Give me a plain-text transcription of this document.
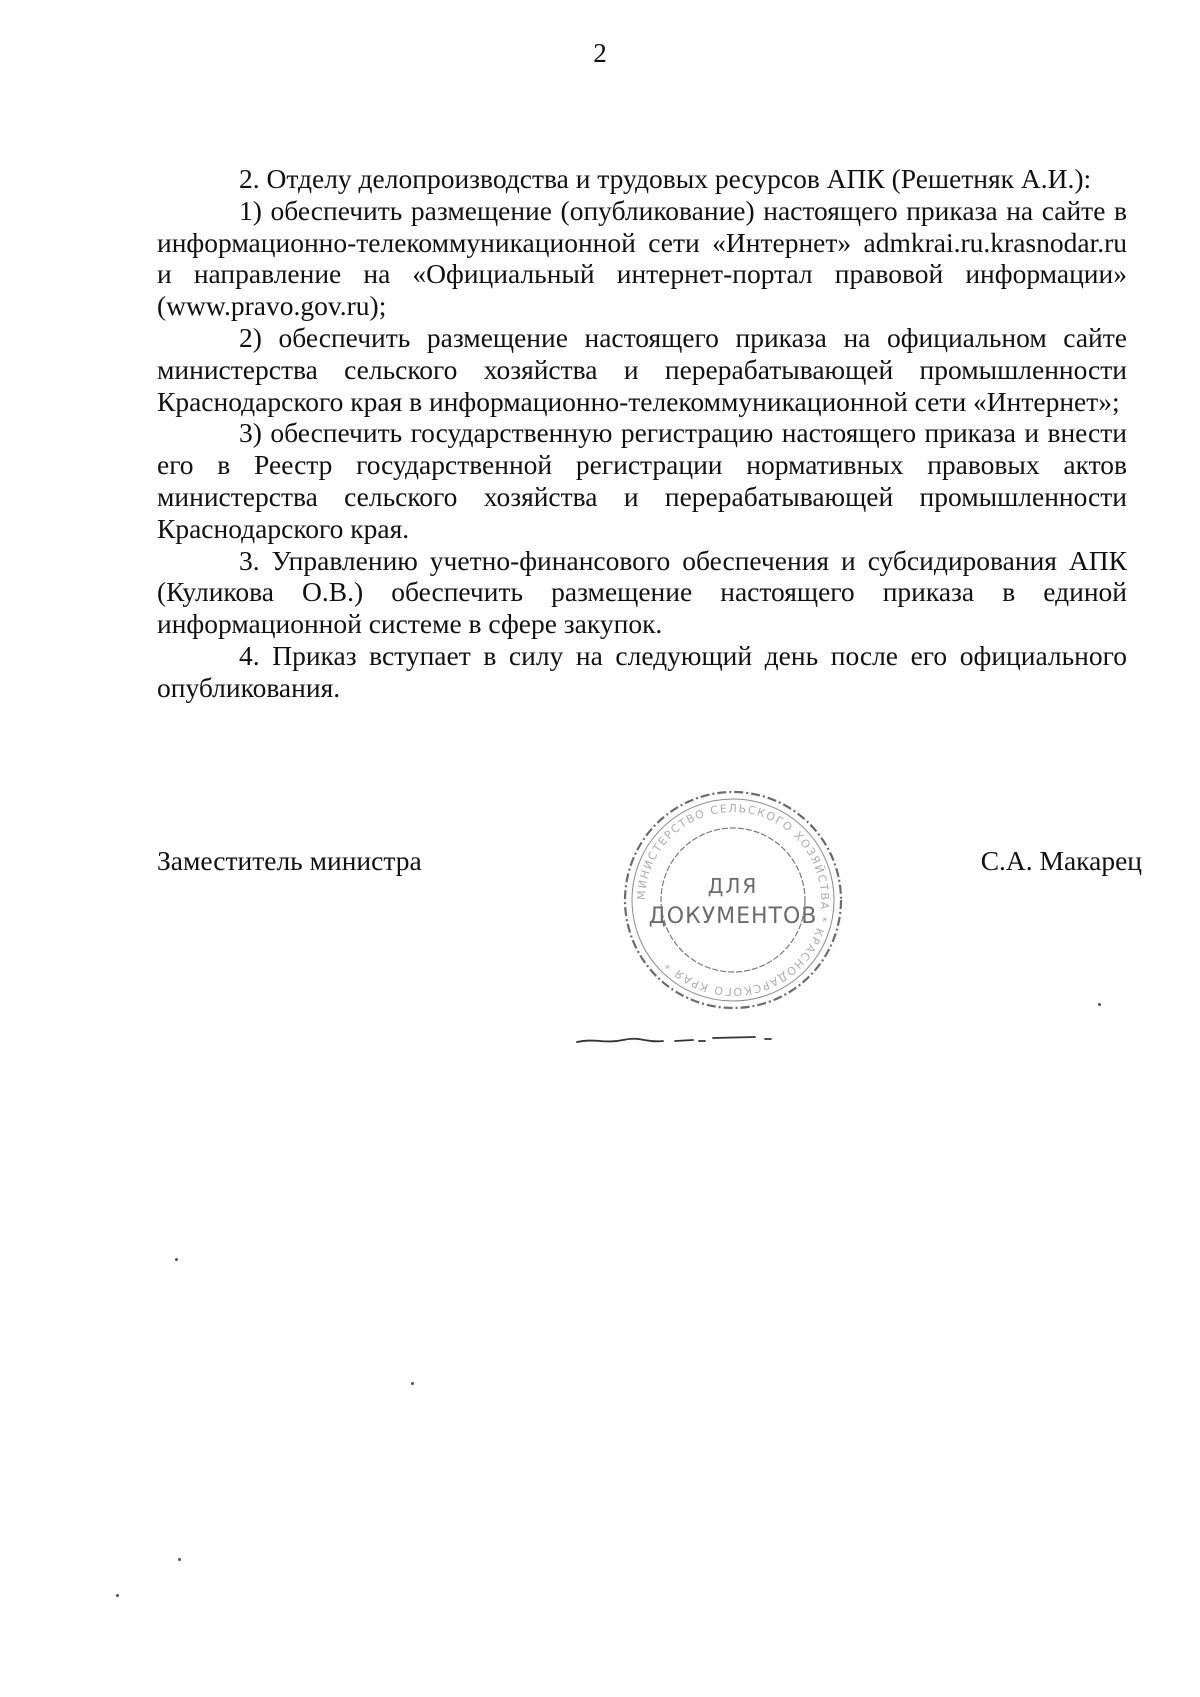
2

2. Отделу делопроизводства и трудовых ресурсов АПК (Решетняк А.И.):

1) обеспечить размещение (опубликование) настоящего приказа на сайте в информационно-телекоммуникационной сети «Интернет» admkrai.ru.krasnodar.ru и направление на «Официальный интернет-портал правовой информации» (www.pravo.gov.ru);

2) обеспечить размещение настоящего приказа на официальном сайте министерства сельского хозяйства и перерабатывающей промышленности Краснодарского края в информационно-телекоммуникационной сети «Интернет»;

3) обеспечить государственную регистрацию настоящего приказа и внести его в Реестр государственной регистрации нормативных правовых актов министерства сельского хозяйства и перерабатывающей промышленности Краснодарского края.

3. Управлению учетно-финансового обеспечения и субсидирования АПК (Куликова О.В.) обеспечить размещение настоящего приказа в единой информационной системе в сфере закупок.

4. Приказ вступает в силу на следующий день после его официального опубликования.

Заместитель министра	С.А. Макарец
МИНИСТЕРСТВО СЕЛЬСКОГО ХОЗЯЙСТВА * КРАСНОДАРСКОГО КРАЯ *
ДЛЯ
ДОКУМЕНТОВ
